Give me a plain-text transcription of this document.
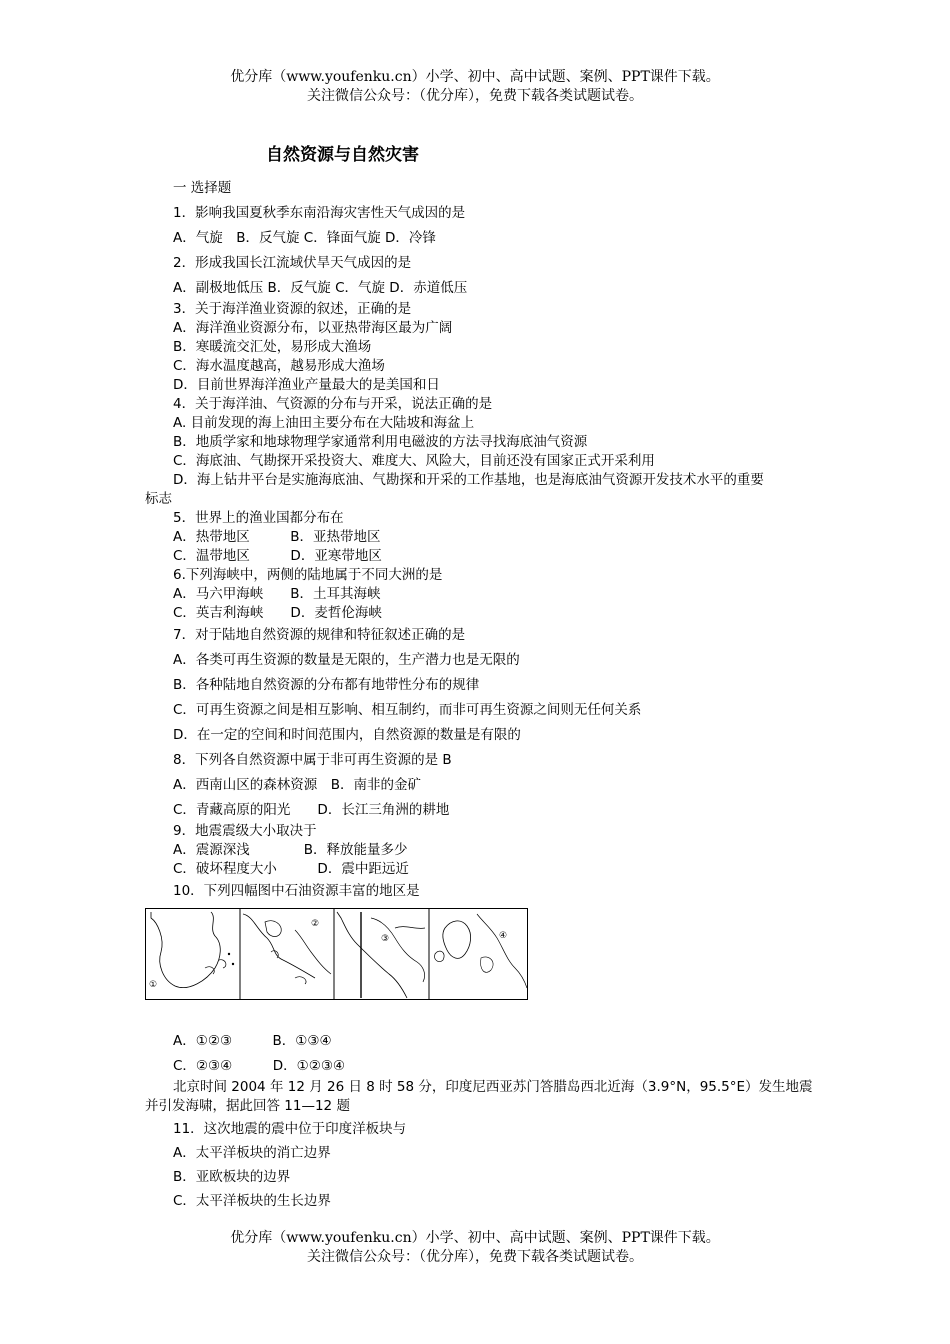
优分库（www.youfenku.cn）小学、初中、高中试题、案例、PPT课件下载。
关注微信公众号：（优分库），免费下载各类试题试卷。
自然资源与自然灾害
一 选择题
1．影响我国夏秋季东南沿海灾害性天气成因的是
A．气旋　B．反气旋 C．锋面气旋 D．冷锋
2．形成我国长江流域伏旱天气成因的是
A．副极地低压 B．反气旋 C．气旋 D．赤道低压
3．关于海洋渔业资源的叙述，正确的是
A．海洋渔业资源分布，以亚热带海区最为广阔
B．寒暖流交汇处，易形成大渔场
C．海水温度越高，越易形成大渔场
D．目前世界海洋渔业产量最大的是美国和日
4．关于海洋油、气资源的分布与开采，说法正确的是
A. 目前发现的海上油田主要分布在大陆坡和海盆上
B．地质学家和地球物理学家通常利用电磁波的方法寻找海底油气资源
C．海底油、气勘探开采投资大、难度大、风险大，目前还没有国家正式开采利用
D．海上钻井平台是实施海底油、气勘探和开采的工作基地，也是海底油气资源开发技术水平的重要
标志
5．世界上的渔业国都分布在
A．热带地区　　　B．亚热带地区
C．温带地区　　　D．亚寒带地区
6.下列海峡中，两侧的陆地属于不同大洲的是
A．马六甲海峡　　B．土耳其海峡
C．英吉利海峡　　D．麦哲伦海峡
7．对于陆地自然资源的规律和特征叙述正确的是
A．各类可再生资源的数量是无限的，生产潜力也是无限的
B．各种陆地自然资源的分布都有地带性分布的规律
C．可再生资源之间是相互影响、相互制约，而非可再生资源之间则无任何关系
D．在一定的空间和时间范围内，自然资源的数量是有限的
8．下列各自然资源中属于非可再生资源的是 B
A．西南山区的森林资源　B．南非的金矿
C．青藏高原的阳光　　D．长江三角洲的耕地
9．地震震级大小取决于
A．震源深浅　　　　B．释放能量多少
C．破坏程度大小　　　D．震中距远近
10．下列四幅图中石油资源丰富的地区是
①
②
③	④
A．①②③　　　B．①③④
C．②③④　　　D．①②③④
北京时间 2004 年 12 月 26 日 8 时 58 分，印度尼西亚苏门答腊岛西北近海（3.9°N，95.5°E）发生地震
并引发海啸，据此回答 11—12 题
11．这次地震的震中位于印度洋板块与
A．太平洋板块的消亡边界
B．亚欧板块的边界
C．太平洋板块的生长边界
优分库（www.youfenku.cn）小学、初中、高中试题、案例、PPT课件下载。
关注微信公众号：（优分库），免费下载各类试题试卷。
